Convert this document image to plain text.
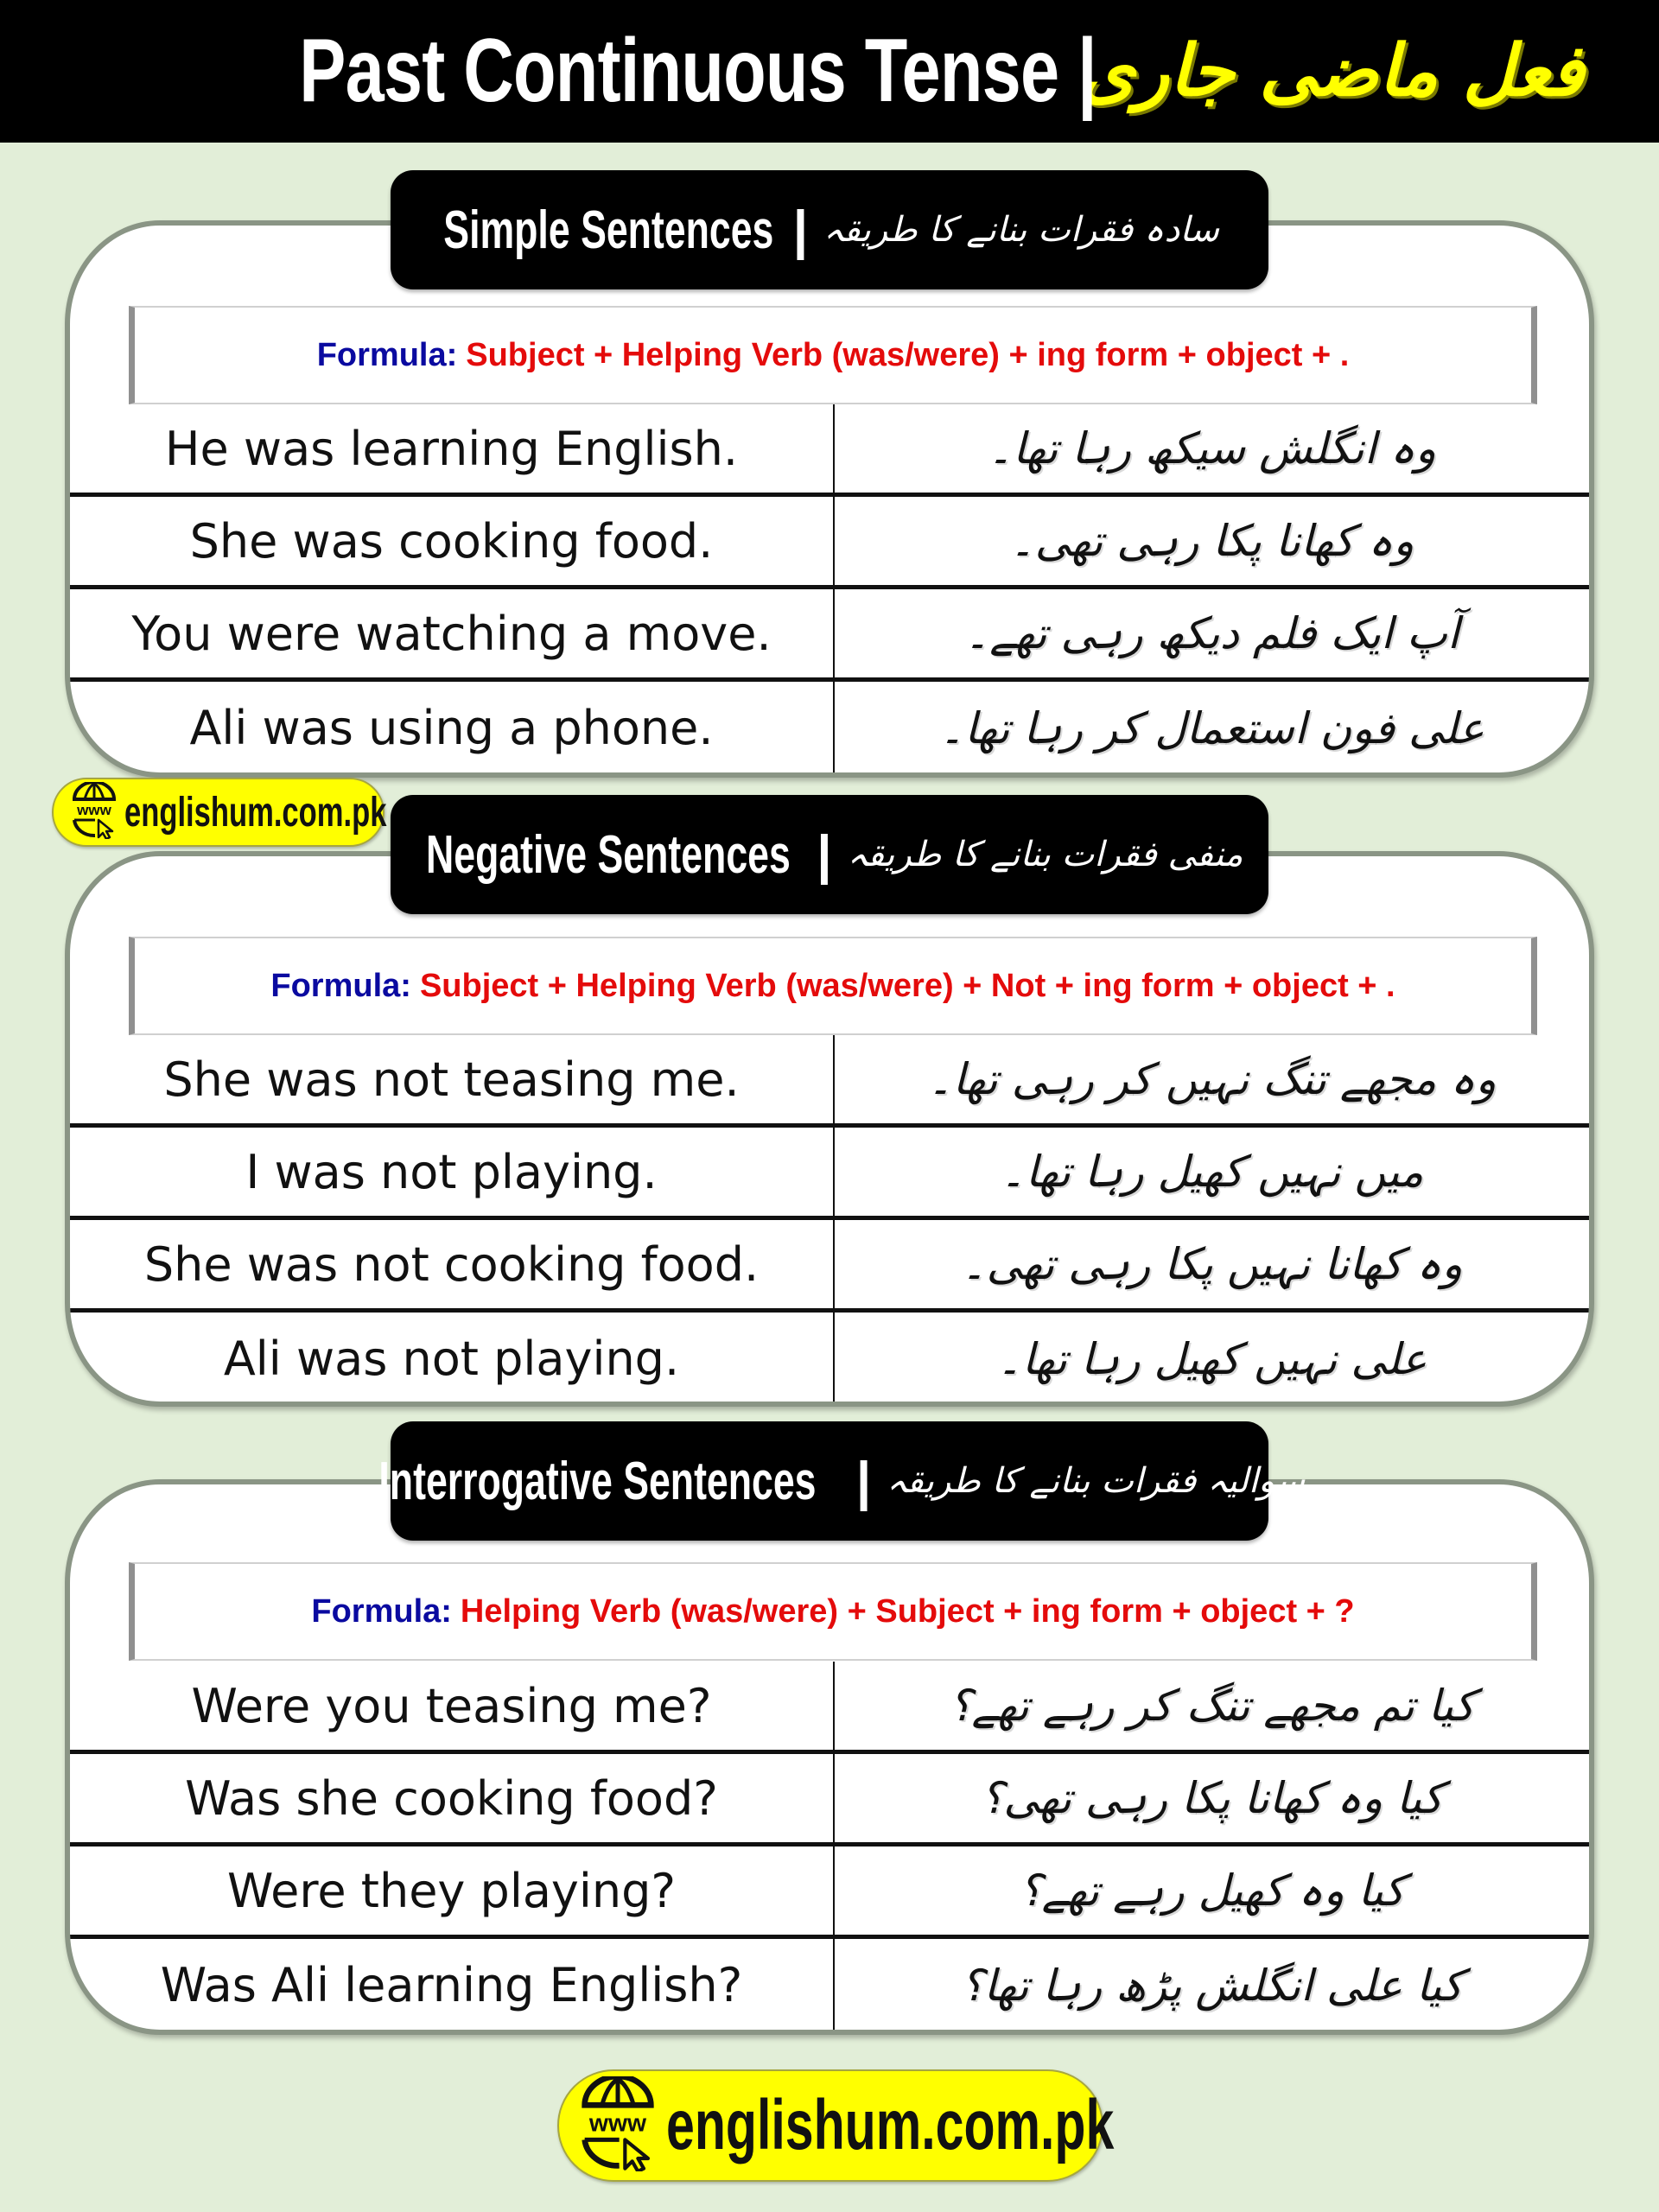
Past Continuous Tense |
فعل ماضی جاری
Simple Sentences | سادہ فقرات بنانے کا طریقہ
Formula: Subject + Helping Verb (was/were) + ing form + object + .
He was learning English.	وہ انگلش سیکھ رہا تھا۔
She was cooking food.	وہ کھانا پکا رہی تھی۔
You were watching a move.	آپ ایک فلم دیکھ رہی تھے۔
Ali was using a phone.	علی فون استعمال کر رہا تھا۔
www englishum.com.pk
Negative Sentences | منفی فقرات بنانے کا طریقہ
Formula: Subject + Helping Verb (was/were) + Not + ing form + object + .
She was not teasing me.	وہ مجھے تنگ نہیں کر رہی تھا۔
I was not playing.	میں نہیں کھیل رہا تھا۔
She was not cooking food.	وہ کھانا نہیں پکا رہی تھی۔
Ali was not playing.	علی نہیں کھیل رہا تھا۔
Interrogative Sentences | سوالیہ فقرات بنانے کا طریقہ
Formula: Helping Verb (was/were) + Subject + ing form + object + ?
Were you teasing me?	کیا تم مجھے تنگ کر رہے تھے؟
Was she cooking food?	کیا وہ کھانا پکا رہی تھی؟
Were they playing?	کیا وہ کھیل رہے تھے؟
Was Ali learning English?	کیا علی انگلش پڑھ رہا تھا؟
www englishum.com.pk
